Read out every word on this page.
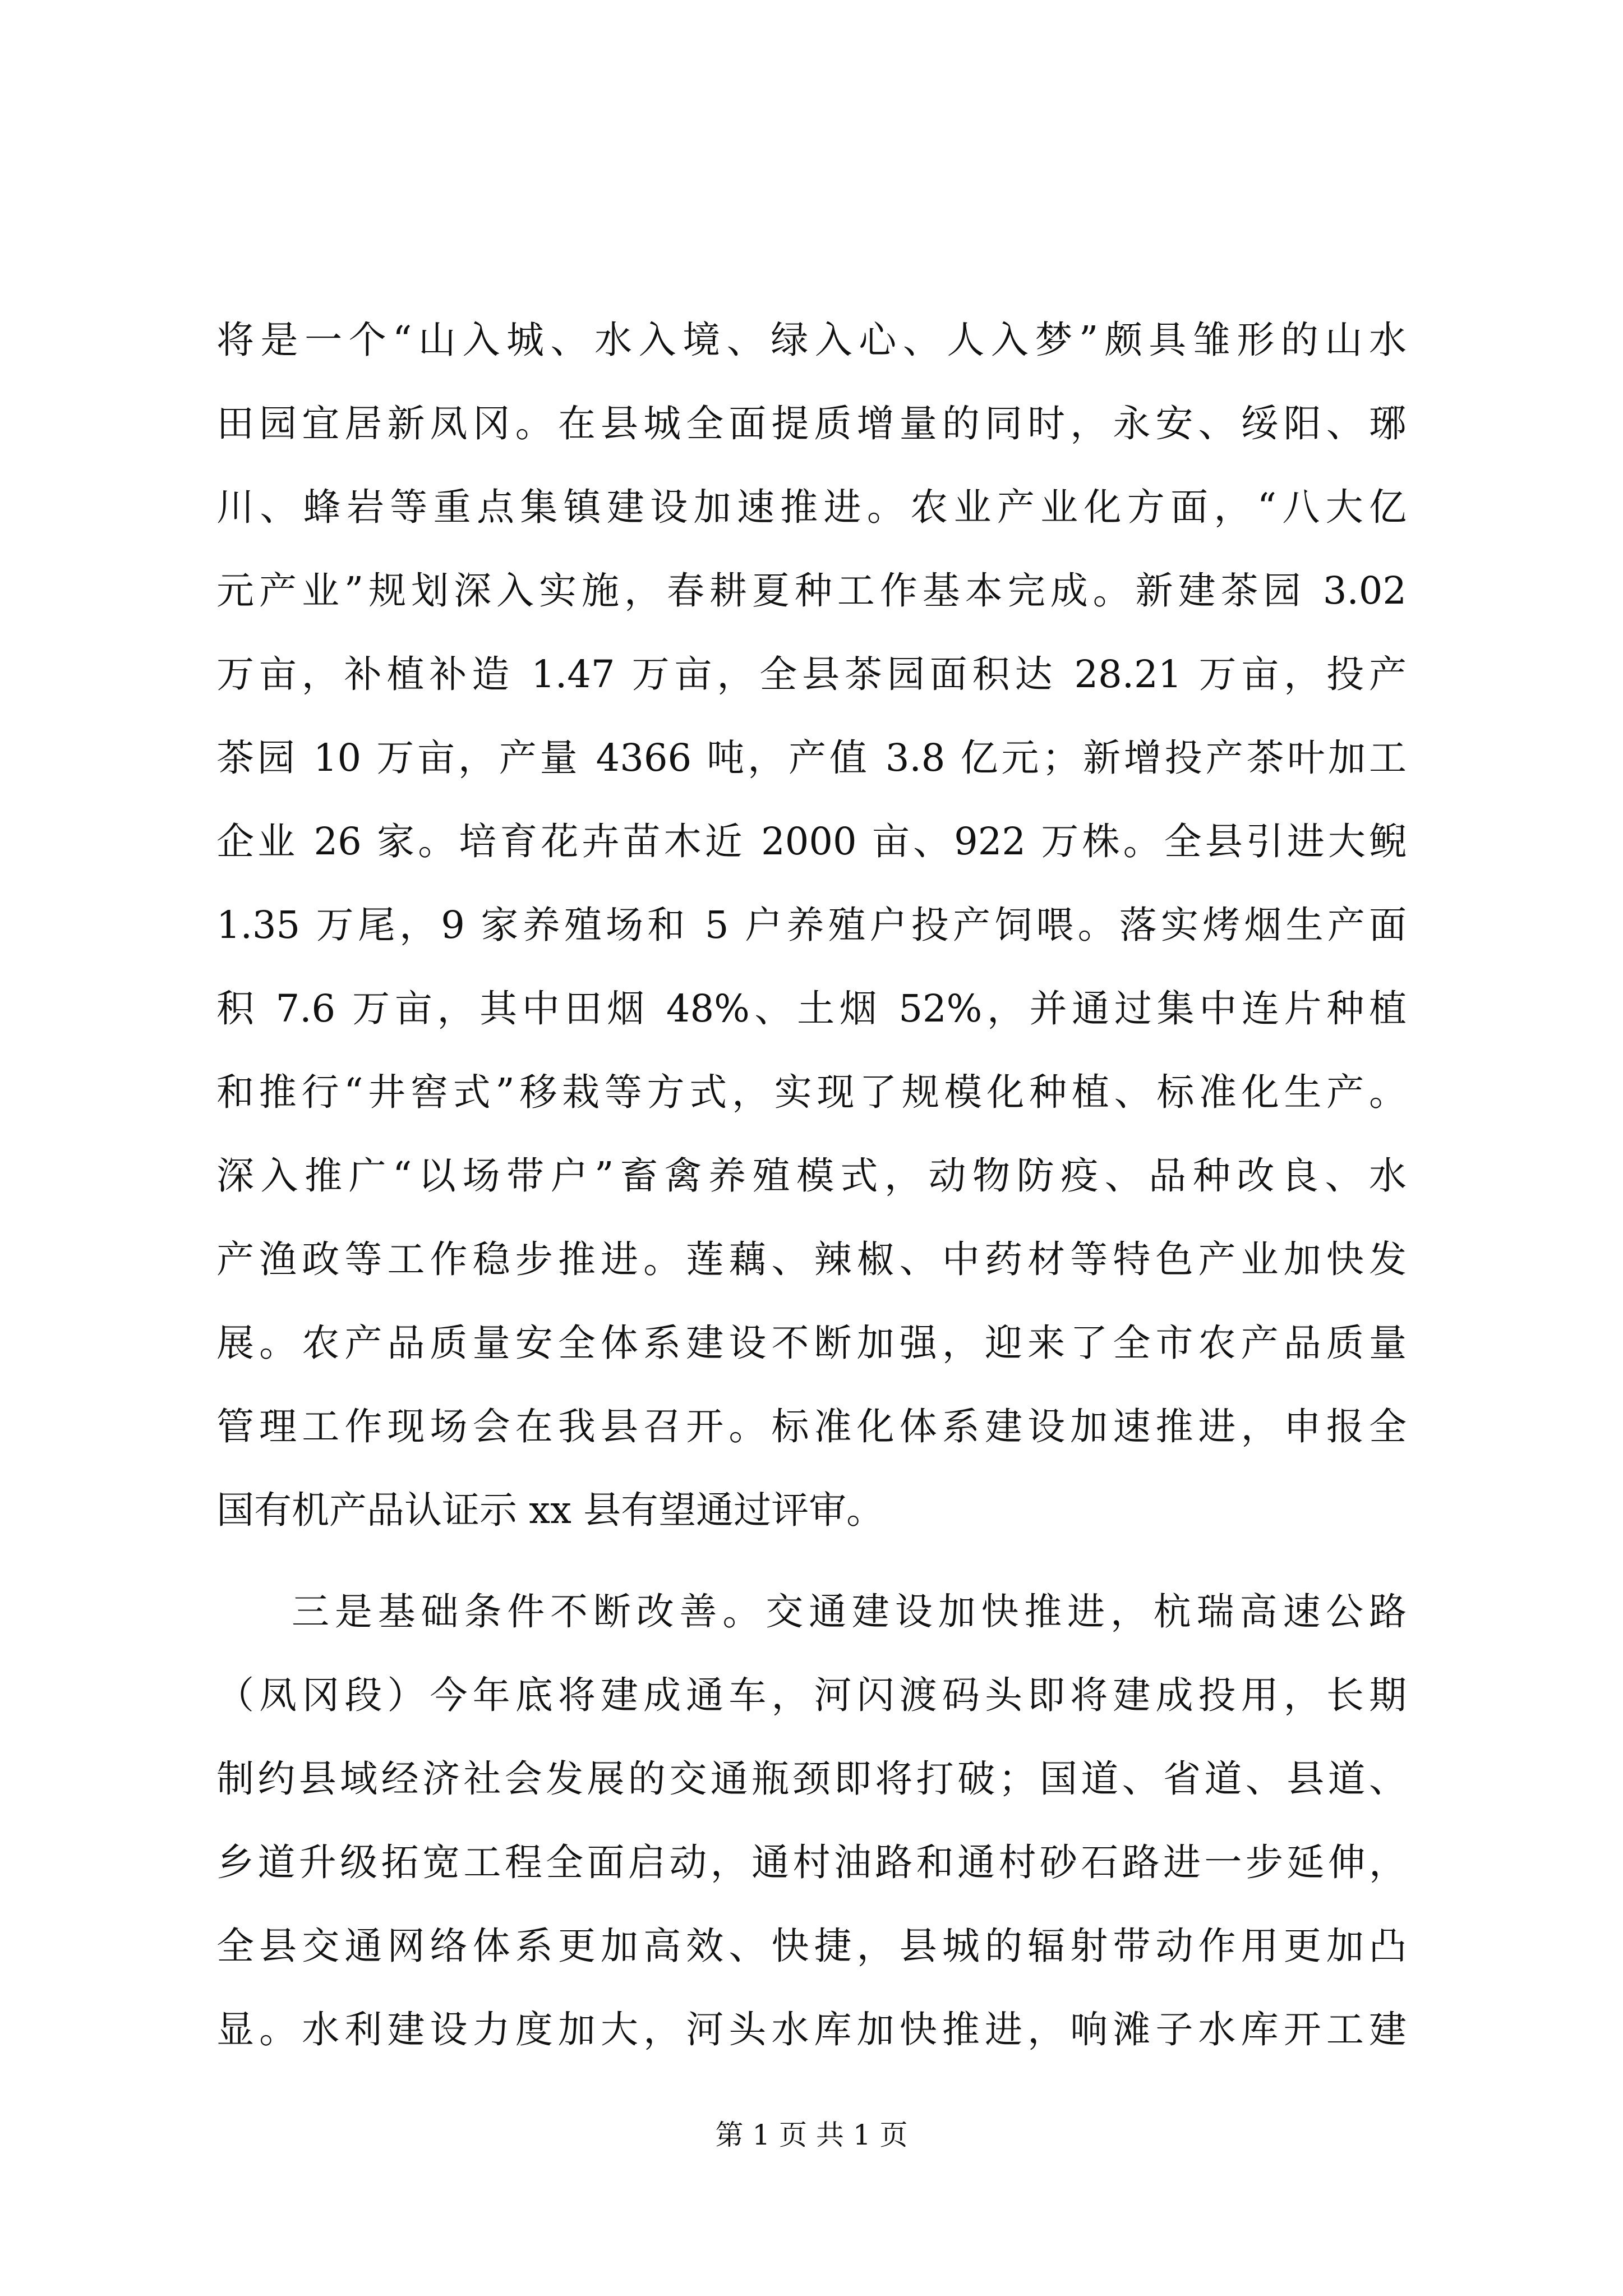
将是一个“山入城、水入境、绿入心、人入梦”颇具雏形的山水
田园宜居新凤冈。在县城全面提质增量的同时，永安、绥阳、琊
川、蜂岩等重点集镇建设加速推进。农业产业化方面，“八大亿
元产业”规划深入实施，春耕夏种工作基本完成。新建茶园 3.02
万亩，补植补造 1.47 万亩，全县茶园面积达 28.21 万亩，投产
茶园 10 万亩，产量 4366 吨，产值 3.8 亿元；新增投产茶叶加工
企业 26 家。培育花卉苗木近 2000 亩、922 万株。全县引进大鲵
1.35 万尾，9 家养殖场和 5 户养殖户投产饲喂。落实烤烟生产面
积 7.6 万亩，其中田烟 48%、土烟 52%，并通过集中连片种植
和推行“井窖式”移栽等方式，实现了规模化种植、标准化生产。
深入推广“以场带户”畜禽养殖模式，动物防疫、品种改良、水
产渔政等工作稳步推进。莲藕、辣椒、中药材等特色产业加快发
展。农产品质量安全体系建设不断加强，迎来了全市农产品质量
管理工作现场会在我县召开。标准化体系建设加速推进，申报全
国有机产品认证示 xx 县有望通过评审。
三是基础条件不断改善。交通建设加快推进，杭瑞高速公路
（凤冈段）今年底将建成通车，河闪渡码头即将建成投用，长期
制约县域经济社会发展的交通瓶颈即将打破；国道、省道、县道、
乡道升级拓宽工程全面启动，通村油路和通村砂石路进一步延伸，
全县交通网络体系更加高效、快捷，县城的辐射带动作用更加凸
显。水利建设力度加大，河头水库加快推进，响滩子水库开工建
第 1 页 共 1 页
